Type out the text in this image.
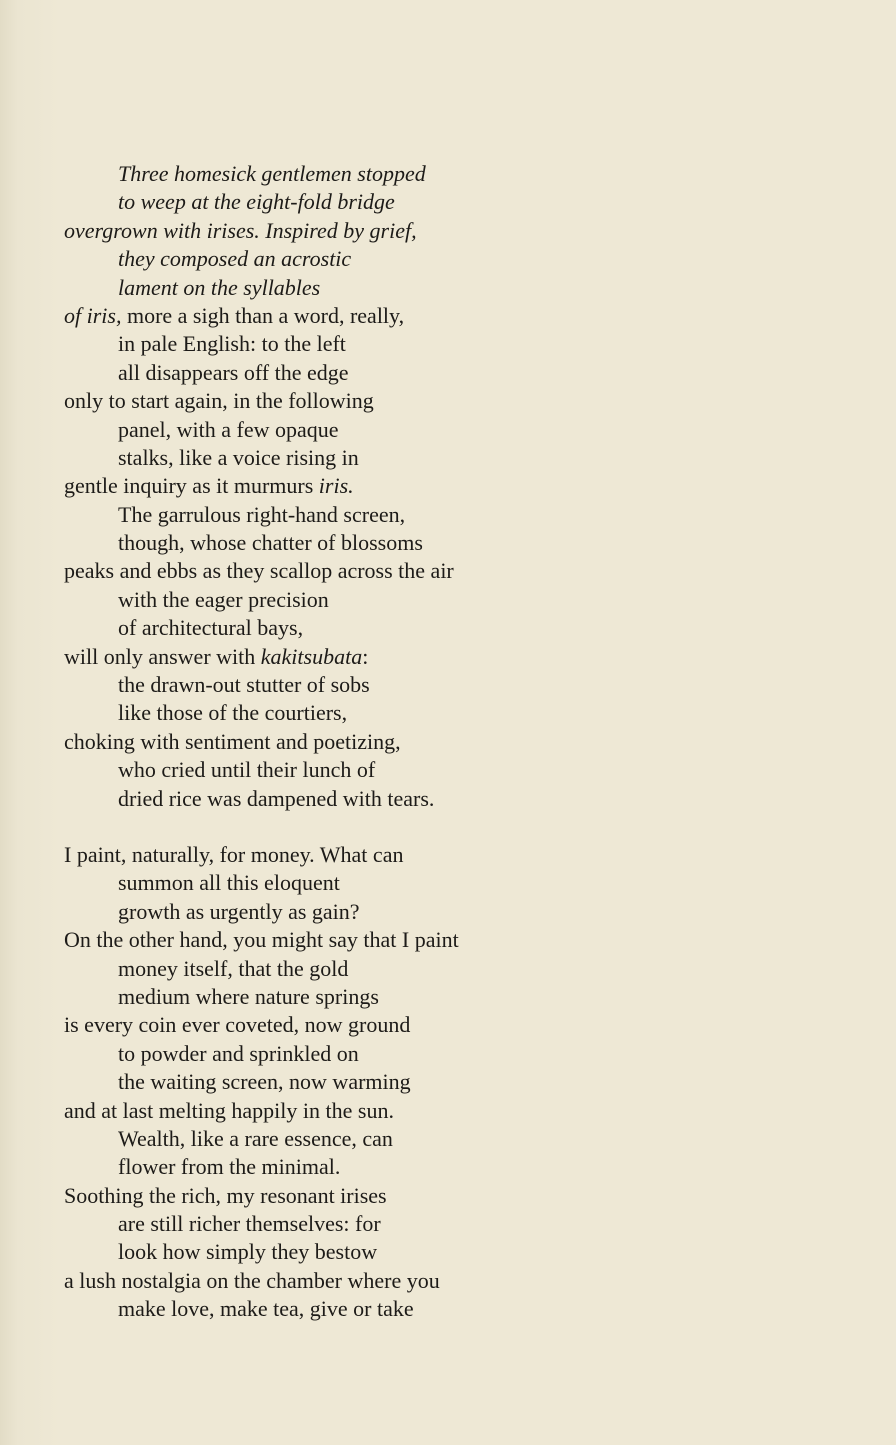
Three homesick gentlemen stopped
to weep at the eight-fold bridge
overgrown with irises. Inspired by grief,
they composed an acrostic
lament on the syllables
of iris, more a sigh than a word, really,
in pale English: to the left
all disappears off the edge
only to start again, in the following
panel, with a few opaque
stalks, like a voice rising in
gentle inquiry as it murmurs iris.
The garrulous right-hand screen,
though, whose chatter of blossoms
peaks and ebbs as they scallop across the air
with the eager precision
of architectural bays,
will only answer with kakitsubata:
the drawn-out stutter of sobs
like those of the courtiers,
choking with sentiment and poetizing,
who cried until their lunch of
dried rice was dampened with tears.
I paint, naturally, for money. What can
summon all this eloquent
growth as urgently as gain?
On the other hand, you might say that I paint
money itself, that the gold
medium where nature springs
is every coin ever coveted, now ground
to powder and sprinkled on
the waiting screen, now warming
and at last melting happily in the sun.
Wealth, like a rare essence, can
flower from the minimal.
Soothing the rich, my resonant irises
are still richer themselves: for
look how simply they bestow
a lush nostalgia on the chamber where you
make love, make tea, give or take
